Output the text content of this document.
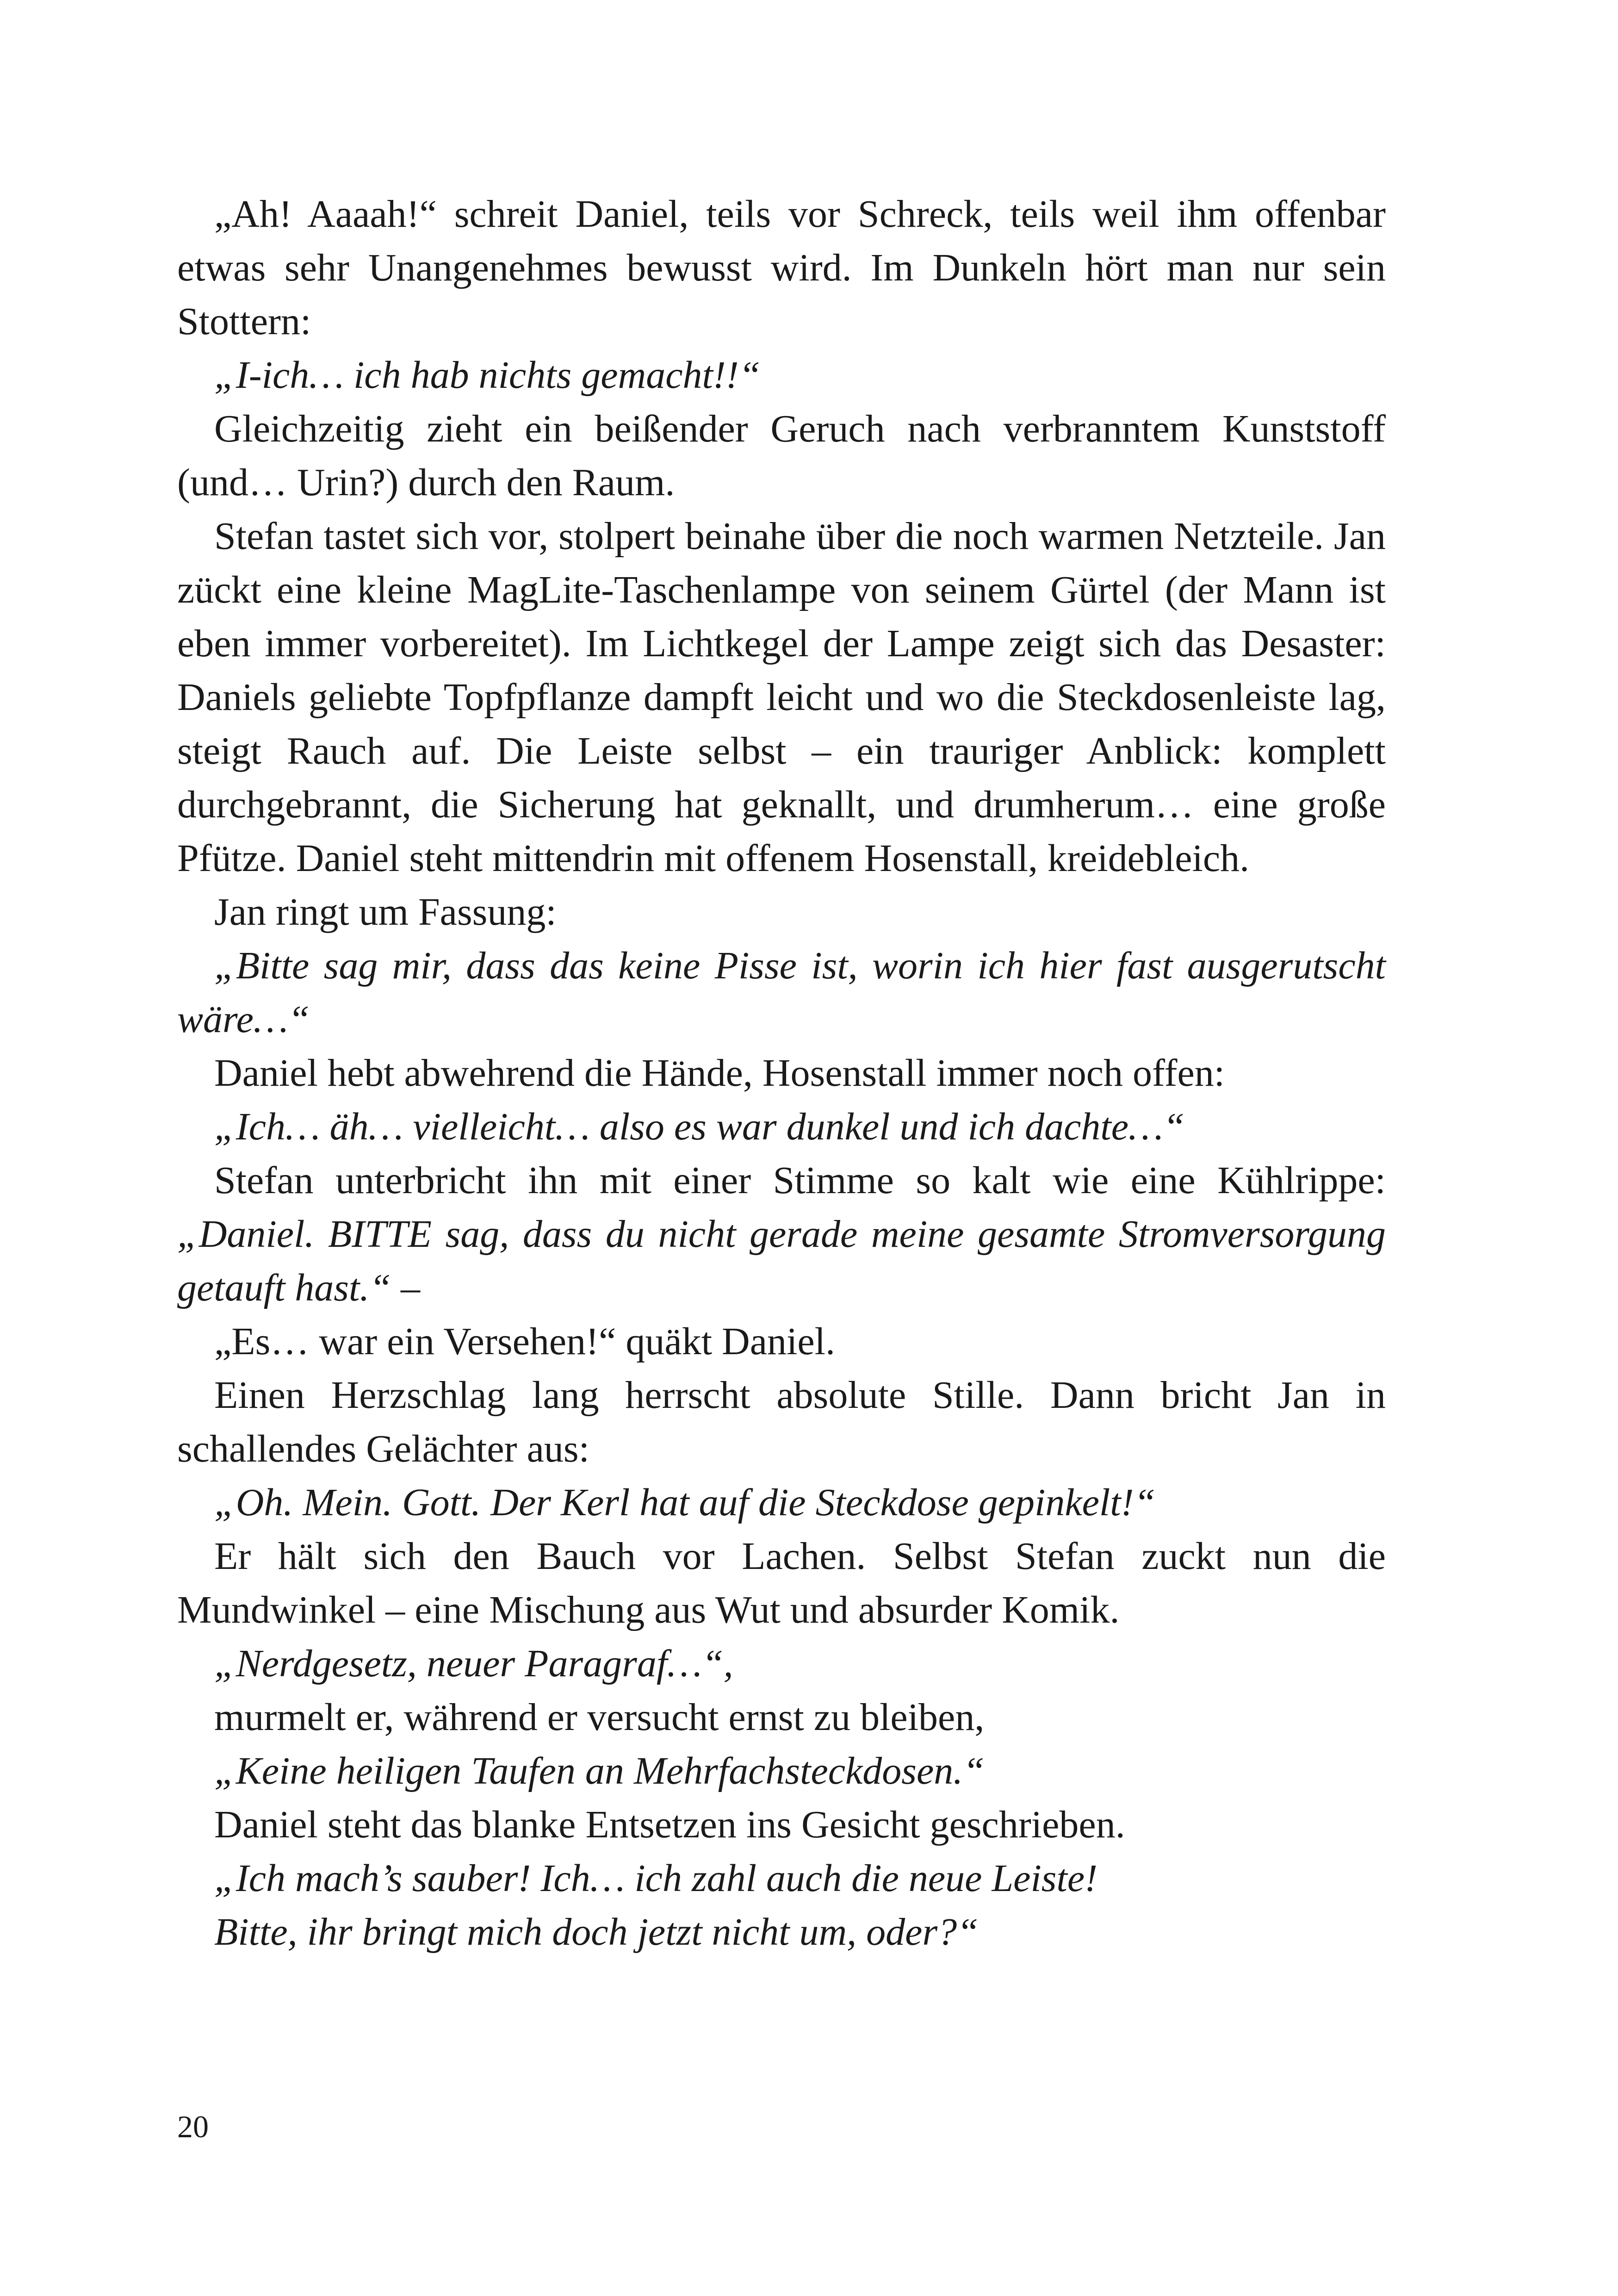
„Ah! Aaaah!“ schreit Daniel, teils vor Schreck, teils weil ihm offenbar etwas sehr Unangenehmes bewusst wird. Im Dunkeln hört man nur sein Stottern:

„I-ich… ich hab nichts gemacht!!“

Gleichzeitig zieht ein beißender Geruch nach verbranntem Kunststoff (und… Urin?) durch den Raum.

Stefan tastet sich vor, stolpert beinahe über die noch warmen Netzteile. Jan zückt eine kleine MagLite-Taschenlampe von seinem Gürtel (der Mann ist eben immer vorbereitet). Im Lichtkegel der Lampe zeigt sich das Desaster: Daniels geliebte Topfpflanze dampft leicht und wo die Steckdosenleiste lag, steigt Rauch auf. Die Leiste selbst – ein trauriger Anblick: komplett durchgebrannt, die Sicherung hat geknallt, und drumherum… eine große Pfütze. Daniel steht mittendrin mit offenem Hosenstall, kreidebleich.

Jan ringt um Fassung:

„Bitte sag mir, dass das keine Pisse ist, worin ich hier fast ausgerutscht wäre…“

Daniel hebt abwehrend die Hände, Hosenstall immer noch offen:

„Ich… äh… vielleicht… also es war dunkel und ich dachte…“

Stefan unterbricht ihn mit einer Stimme so kalt wie eine Kühlrippe: „Daniel. BITTE sag, dass du nicht gerade meine gesamte Stromversorgung getauft hast.“ –

„Es… war ein Versehen!“ quäkt Daniel.

Einen Herzschlag lang herrscht absolute Stille. Dann bricht Jan in schallendes Gelächter aus:

„Oh. Mein. Gott. Der Kerl hat auf die Steckdose gepinkelt!“

Er hält sich den Bauch vor Lachen. Selbst Stefan zuckt nun die Mundwinkel – eine Mischung aus Wut und absurder Komik.

„Nerdgesetz, neuer Paragraf…“,

murmelt er, während er versucht ernst zu bleiben,

„Keine heiligen Taufen an Mehrfachsteckdosen.“

Daniel steht das blanke Entsetzen ins Gesicht geschrieben.

„Ich mach’s sauber! Ich… ich zahl auch die neue Leiste!

Bitte, ihr bringt mich doch jetzt nicht um, oder?“

20
